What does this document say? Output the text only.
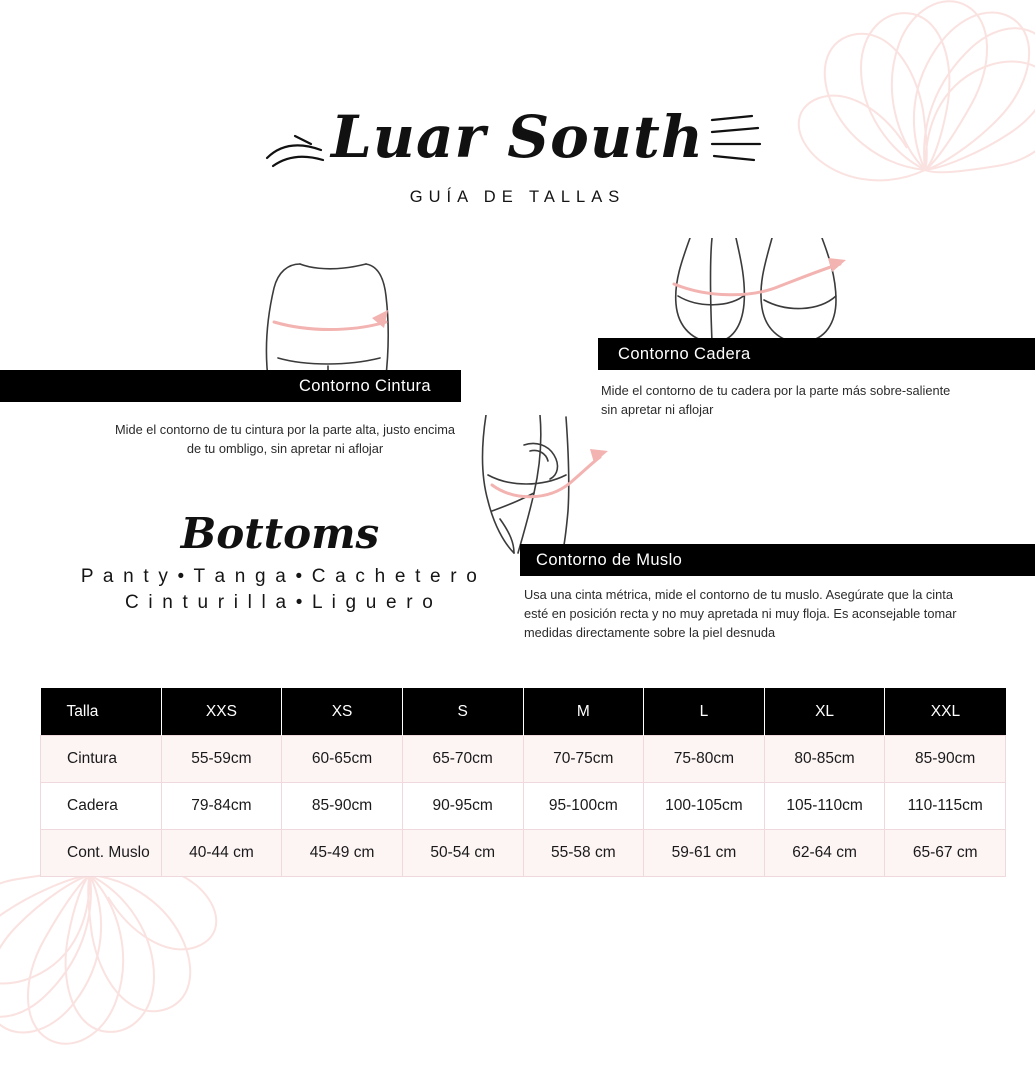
Luar South
GUÍA DE TALLAS
Contorno Cintura
Contorno Cadera
Contorno de Muslo
Mide el contorno de tu cintura por la parte alta, justo encima de tu ombligo, sin apretar ni aflojar
Mide el contorno de tu cadera por la parte más sobre-saliente sin apretar ni aflojar
Usa una cinta métrica, mide el contorno de tu muslo. Asegúrate que la cinta esté en posición recta y no muy apretada ni muy floja. Es aconsejable tomar medidas directamente sobre la piel desnuda
Bottoms
P a n t y • T a n g a • C a c h e t e r o
C i n t u r i l l a • L i g u e r o
Talla	XXS	XS	S	M	L	XL	XXL
Cintura	55-59cm	60-65cm	65-70cm	70-75cm	75-80cm	80-85cm	85-90cm
Cadera	79-84cm	85-90cm	90-95cm	95-100cm	100-105cm	105-110cm	110-115cm
Cont. Muslo	40-44 cm	45-49 cm	50-54 cm	55-58 cm	59-61 cm	62-64 cm	65-67 cm
